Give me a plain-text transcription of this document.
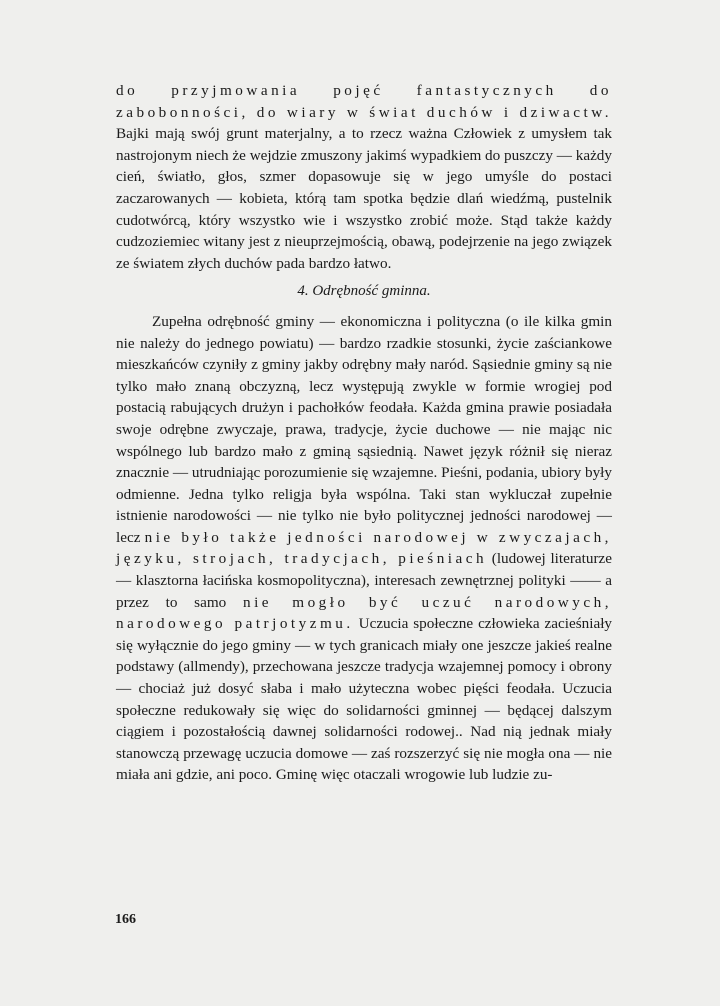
do przyjmowania pojęć fantastycznych do zabobonności, do wiary w świat duchów i dziwactw. Bajki mają swój grunt materjalny, a to rzecz ważna Człowiek z umysłem tak nastrojonym niech że wejdzie zmuszony jakimś wypadkiem do puszczy — każdy cień, światło, głos, szmer dopasowuje się w jego umyśle do postaci zaczarowanych — kobieta, którą tam spotka będzie dlań wiedźmą, pustelnik cudotwórcą, który wszystko wie i wszystko zrobić może. Stąd także każdy cudzoziemiec witany jest z nieuprzejmością, obawą, podejrzenie na jego związek ze światem złych duchów pada bardzo łatwo.

4. Odrębność gminna.

Zupełna odrębność gminy — ekonomiczna i polityczna (o ile kilka gmin nie należy do jednego powiatu) — bardzo rzadkie stosunki, życie zaściankowe mieszkańców czyniły z gminy jakby odrębny mały naród. Sąsiednie gminy są nie tylko mało znaną obczyzną, lecz występują zwykle w formie wrogiej pod postacią rabujących drużyn i pachołków feodała. Każda gmina prawie posiadała swoje odrębne zwyczaje, prawa, tradycje, życie duchowe — nie mając nic wspólnego lub bardzo mało z gminą sąsiednią. Nawet język różnił się nieraz znacznie — utrudniając porozumienie się wzajemne. Pieśni, podania, ubiory były odmienne. Jedna tylko religja była wspólna. Taki stan wykluczał zupełnie istnienie narodowości — nie tylko nie było politycznej jedności narodowej — lecz nie było także jedności narodowej w zwyczajach, języku, strojach, tradycjach, pieśniach (ludowej literaturze — klasztorna łacińska kosmopolityczna), interesach zewnętrznej polityki —— a przez to samo nie mogło być uczuć narodowych, narodowego patrjotyzmu. Uczucia społeczne człowieka zacieśniały się wyłącznie do jego gminy — w tych granicach miały one jeszcze jakieś realne podstawy (allmendy), przechowana jeszcze tradycja wzajemnej pomocy i obrony — chociaż już dosyć słaba i mało użyteczna wobec pięści feodała. Uczucia społeczne redukowały się więc do solidarności gminnej — będącej dalszym ciągiem i pozostałością dawnej solidarności rodowej.. Nad nią jednak miały stanowczą przewagę uczucia domowe — zaś rozszerzyć się nie mogła ona — nie miała ani gdzie, ani poco. Gminę więc otaczali wrogowie lub ludzie zu-

166
